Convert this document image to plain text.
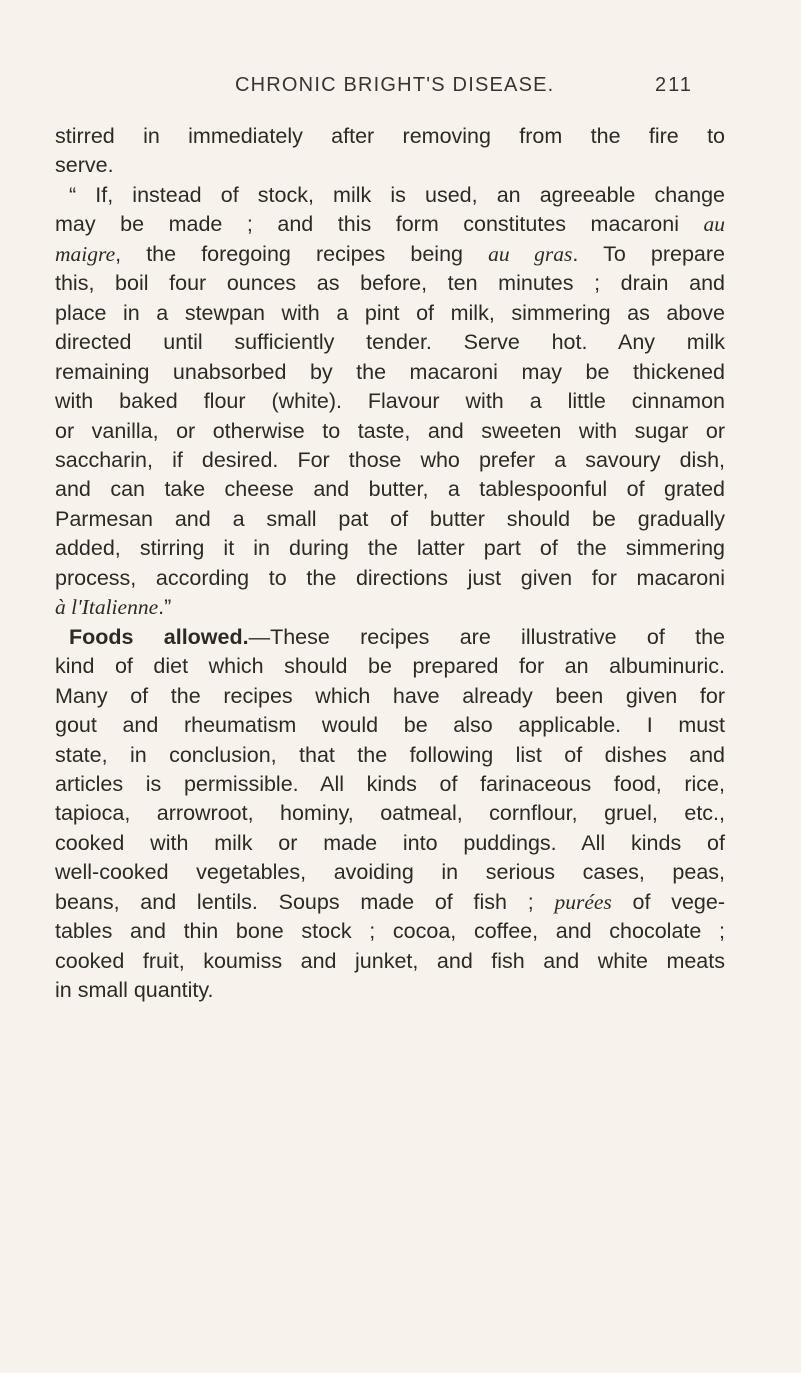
CHRONIC BRIGHT'S DISEASE.	211
stirred in immediately after removing from the fire to
serve.
“ If, instead of stock, milk is used, an agreeable change
may be made ; and this form constitutes macaroni au
maigre, the foregoing recipes being au gras. To prepare
this, boil four ounces as before, ten minutes ; drain and
place in a stewpan with a pint of milk, simmering as above
directed until sufficiently tender. Serve hot. Any milk
remaining unabsorbed by the macaroni may be thickened
with baked flour (white). Flavour with a little cinnamon
or vanilla, or otherwise to taste, and sweeten with sugar or
saccharin, if desired. For those who prefer a savoury dish,
and can take cheese and butter, a tablespoonful of grated
Parmesan and a small pat of butter should be gradually
added, stirring it in during the latter part of the simmering
process, according to the directions just given for macaroni
à l'Italienne.”
Foods allowed.—These recipes are illustrative of the
kind of diet which should be prepared for an albuminuric.
Many of the recipes which have already been given for
gout and rheumatism would be also applicable. I must
state, in conclusion, that the following list of dishes and
articles is permissible. All kinds of farinaceous food, rice,
tapioca, arrowroot, hominy, oatmeal, cornflour, gruel, etc.,
cooked with milk or made into puddings. All kinds of
well-cooked vegetables, avoiding in serious cases, peas,
beans, and lentils. Soups made of fish ; purées of vege-
tables and thin bone stock ; cocoa, coffee, and chocolate ;
cooked fruit, koumiss and junket, and fish and white meats
in small quantity.
